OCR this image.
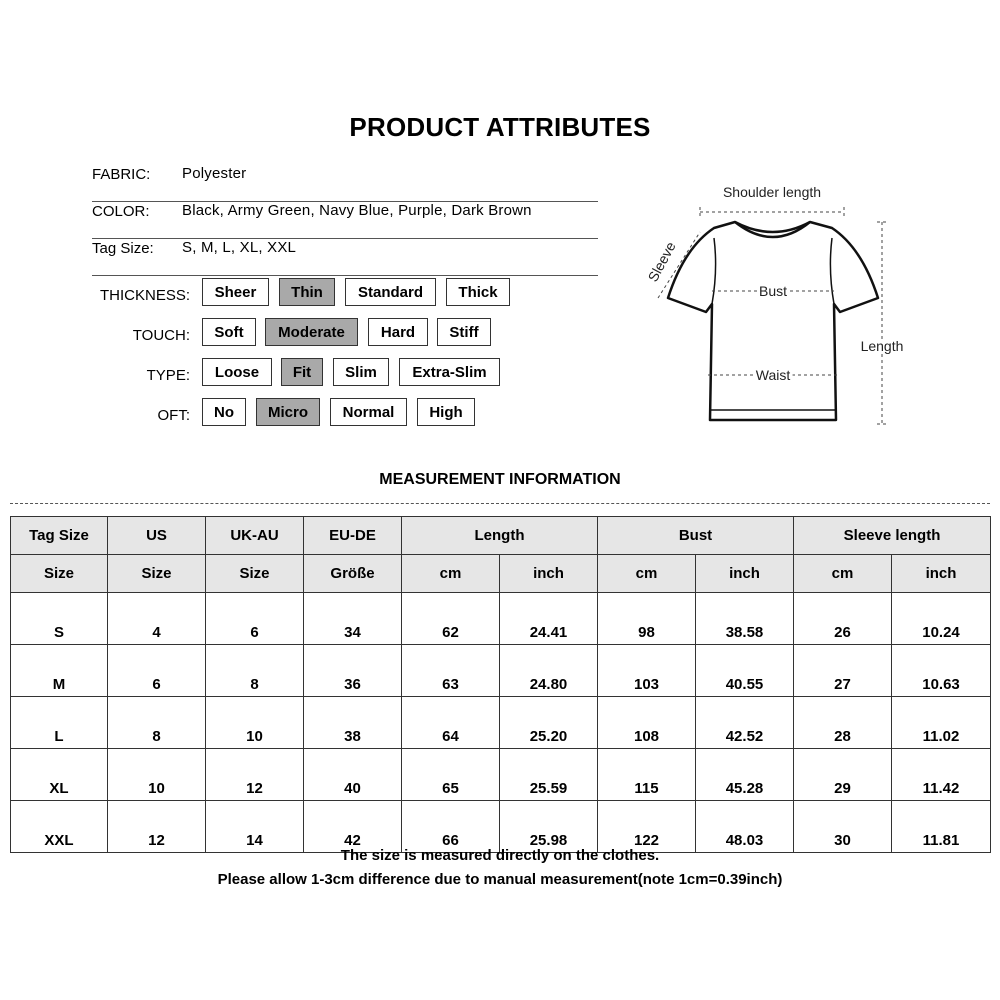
PRODUCT ATTRIBUTES
FABRIC: Polyester
COLOR: Black, Army Green, Navy Blue, Purple, Dark Brown
Tag Size: S, M, L, XL, XXL
THICKNESS:	Sheer	Thin	Standard	Thick
TOUCH:	Soft	Moderate	Hard	Stiff
TYPE:	Loose	Fit	Slim	Extra-Slim
OFT:	No	Micro	Normal	High
Shoulder length
Sleeve
Bust
Waist
Length
MEASUREMENT INFORMATION
Tag Size	US	UK-AU	EU-DE	Length		Bust		Sleeve length	
Size	Size	Size	Größe	cm	inch	cm	inch	cm	inch
S	4	6	34	62	24.41	98	38.58	26	10.24
M	6	8	36	63	24.80	103	40.55	27	10.63
L	8	10	38	64	25.20	108	42.52	28	11.02
XL	10	12	40	65	25.59	115	45.28	29	11.42
XXL	12	14	42	66	25.98	122	48.03	30	11.81
The size is measured directly on the clothes.
Please allow 1-3cm difference due to manual measurement(note 1cm=0.39inch)
